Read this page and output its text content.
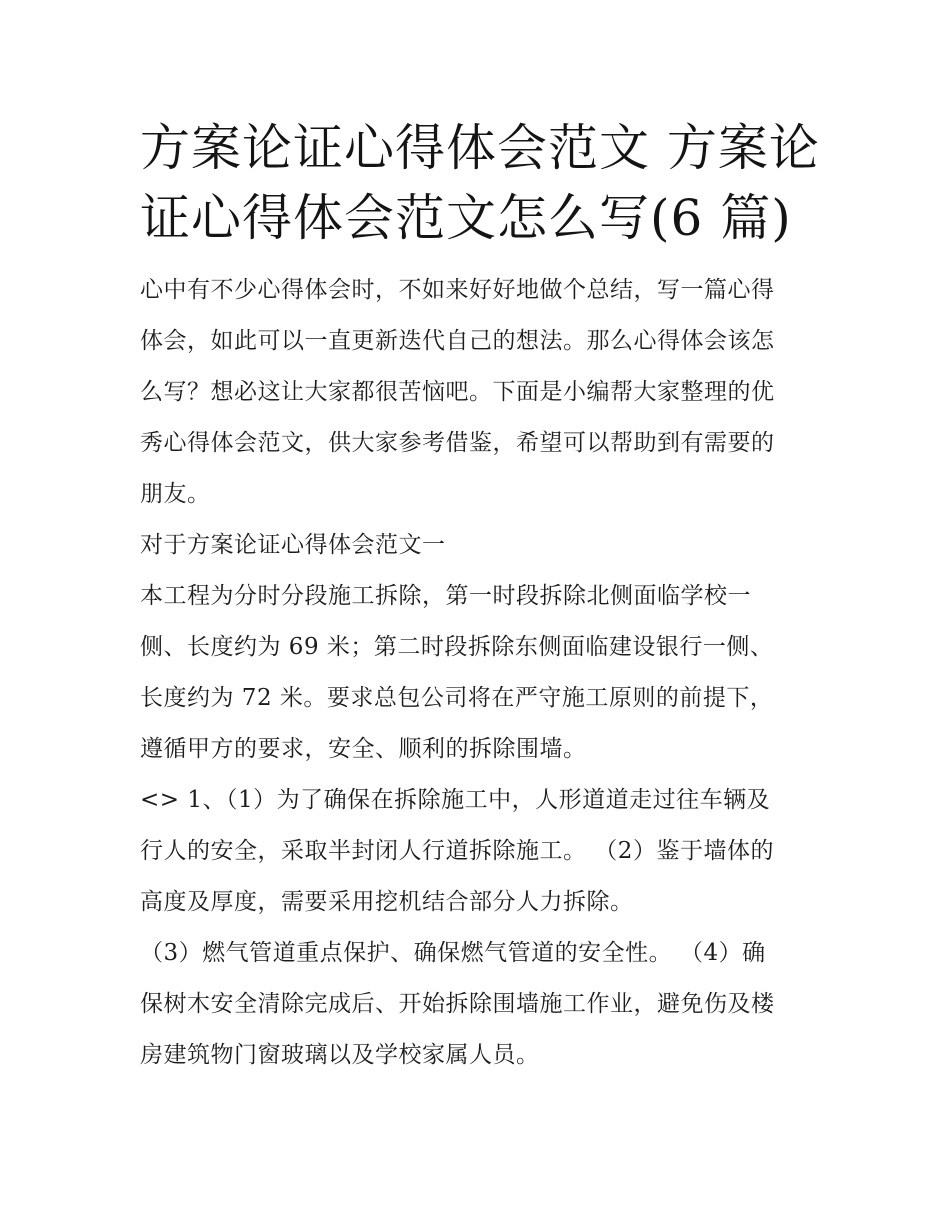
方案论证心得体会范文 方案论
证心得体会范文怎么写(6 篇)

心中有不少心得体会时，不如来好好地做个总结，写一篇心得
体会，如此可以一直更新迭代自己的想法。那么心得体会该怎
么写？想必这让大家都很苦恼吧。下面是小编帮大家整理的优
秀心得体会范文，供大家参考借鉴，希望可以帮助到有需要的
朋友。

对于方案论证心得体会范文一

本工程为分时分段施工拆除，第一时段拆除北侧面临学校一
侧、长度约为 69 米；第二时段拆除东侧面临建设银行一侧、
长度约为 72 米。要求总包公司将在严守施工原则的前提下，
遵循甲方的要求，安全、顺利的拆除围墙。

<> 1、（1）为了确保在拆除施工中，人形道道走过往车辆及
行人的安全，采取半封闭人行道拆除施工。 （2）鉴于墙体的
高度及厚度，需要采用挖机结合部分人力拆除。

（3）燃气管道重点保护、确保燃气管道的安全性。 （4）确
保树木安全清除完成后、开始拆除围墙施工作业，避免伤及楼
房建筑物门窗玻璃以及学校家属人员。
